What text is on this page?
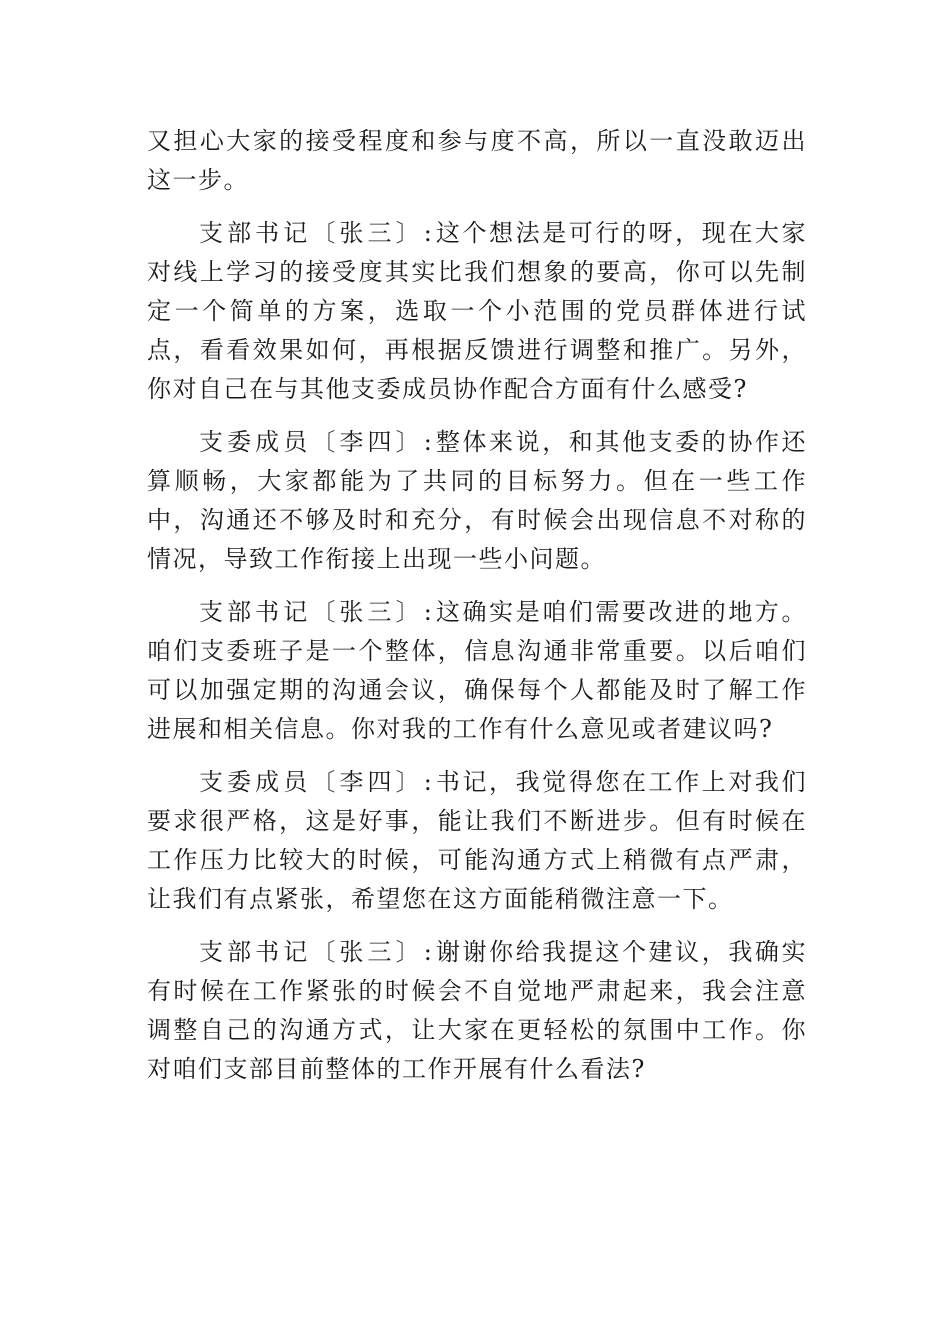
又担心大家的接受程度和参与度不高，所以一直没敢迈出这一步。

支部书记〔张三〕:这个想法是可行的呀，现在大家对线上学习的接受度其实比我们想象的要高，你可以先制定一个简单的方案，选取一个小范围的党员群体进行试点，看看效果如何，再根据反馈进行调整和推广。另外，你对自己在与其他支委成员协作配合方面有什么感受?

支委成员〔李四〕:整体来说，和其他支委的协作还算顺畅，大家都能为了共同的目标努力。但在一些工作中，沟通还不够及时和充分，有时候会出现信息不对称的情况，导致工作衔接上出现一些小问题。

支部书记〔张三〕:这确实是咱们需要改进的地方。咱们支委班子是一个整体，信息沟通非常重要。以后咱们可以加强定期的沟通会议，确保每个人都能及时了解工作进展和相关信息。你对我的工作有什么意见或者建议吗?

支委成员〔李四〕:书记，我觉得您在工作上对我们要求很严格，这是好事，能让我们不断进步。但有时候在工作压力比较大的时候，可能沟通方式上稍微有点严肃，让我们有点紧张，希望您在这方面能稍微注意一下。

支部书记〔张三〕:谢谢你给我提这个建议，我确实有时候在工作紧张的时候会不自觉地严肃起来，我会注意调整自己的沟通方式，让大家在更轻松的氛围中工作。你对咱们支部目前整体的工作开展有什么看法?
